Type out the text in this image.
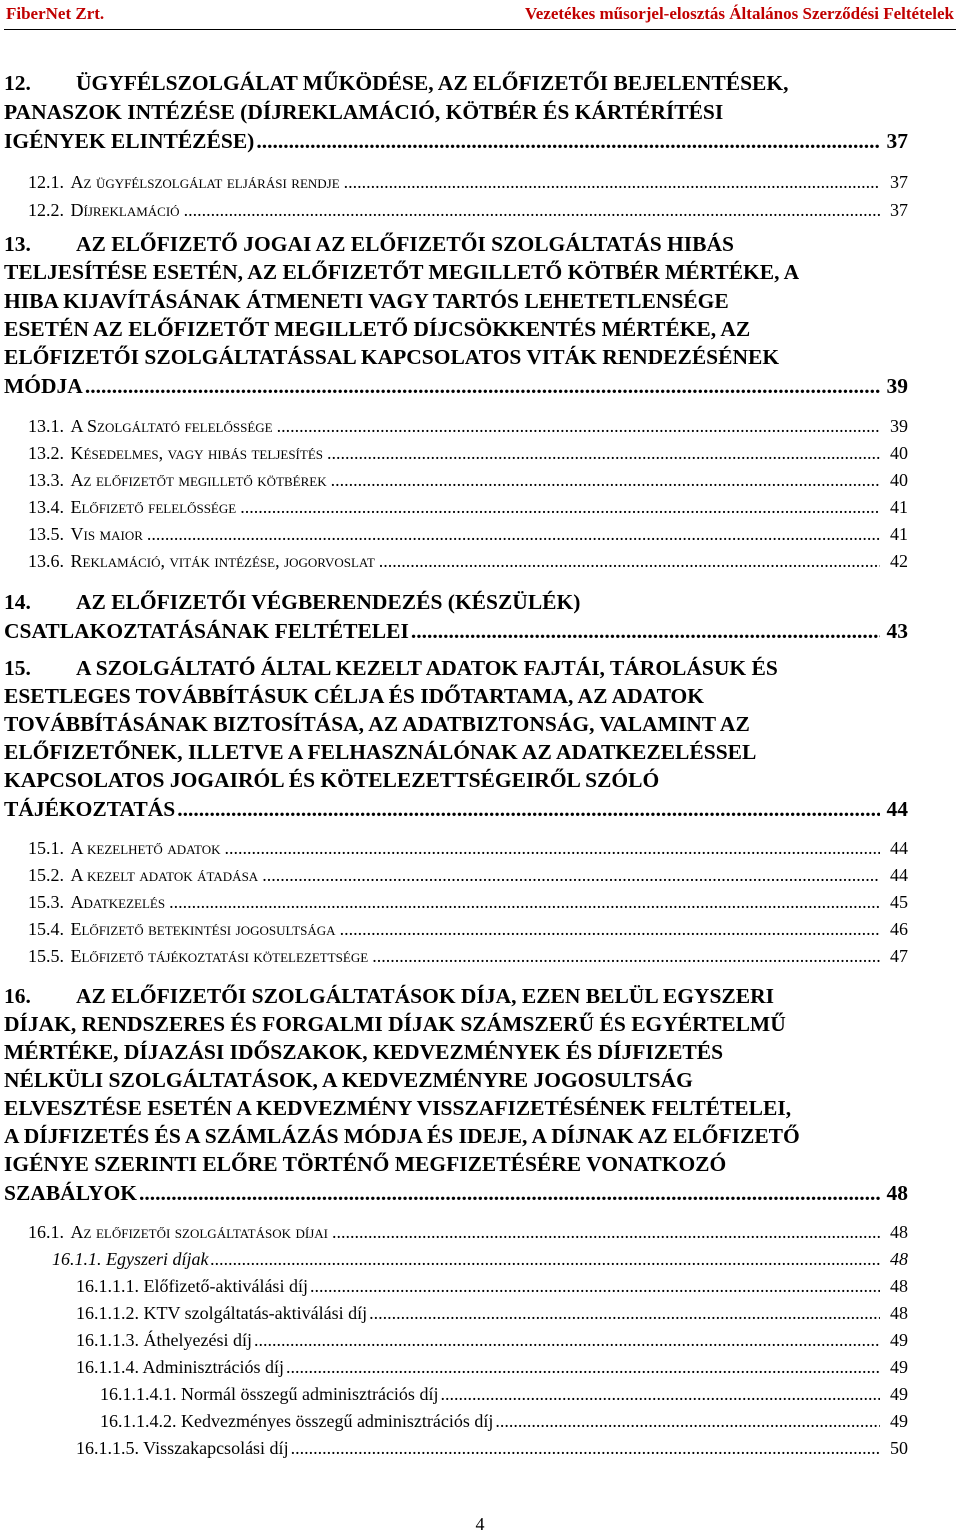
FiberNet Zrt.	Vezetékes műsorjel-elosztás Általános Szerződési Feltételek
12. ÜGYFÉLSZOLGÁLAT MŰKÖDÉSE, AZ ELŐFIZETŐI BEJELENTÉSEK,
PANASZOK INTÉZÉSE (DÍJREKLAMÁCIÓ, KÖTBÉR ÉS KÁRTÉRÍTÉSI
IGÉNYEK ELINTÉZÉSE) .....	37
12.1. Az ügyfélszolgálat eljárási rendje .....	37
12.2. Díjreklamáció .....	37
13. AZ ELŐFIZETŐ JOGAI AZ ELŐFIZETŐI SZOLGÁLTATÁS HIBÁS
TELJESÍTÉSE ESETÉN, AZ ELŐFIZETŐT MEGILLETŐ KÖTBÉR MÉRTÉKE, A
HIBA KIJAVÍTÁSÁNAK ÁTMENETI VAGY TARTÓS LEHETETLENSÉGE
ESETÉN AZ ELŐFIZETŐT MEGILLETŐ DÍJCSÖKKENTÉS MÉRTÉKE, AZ
ELŐFIZETŐI SZOLGÁLTATÁSSAL KAPCSOLATOS VITÁK RENDEZÉSÉNEK
MÓDJA .....	39
13.1. A Szolgáltató felelőssége .....	39
13.2. Késedelmes, vagy hibás teljesítés .....	40
13.3. Az előfizetőt megillető kötbérek .....	40
13.4. Előfizető felelőssége .....	41
13.5. Vis maior .....	41
13.6. Reklamáció, viták intézése, jogorvoslat .....	42
14. AZ ELŐFIZETŐI VÉGBERENDEZÉS (KÉSZÜLÉK)
CSATLAKOZTATÁSÁNAK FELTÉTELEI .....	43
15. A SZOLGÁLTATÓ ÁLTAL KEZELT ADATOK FAJTÁI, TÁROLÁSUK ÉS
ESETLEGES TOVÁBBÍTÁSUK CÉLJA ÉS IDŐTARTAMA, AZ ADATOK
TOVÁBBÍTÁSÁNAK BIZTOSÍTÁSA, AZ ADATBIZTONSÁG, VALAMINT AZ
ELŐFIZETŐNEK, ILLETVE A FELHASZNÁLÓNAK AZ ADATKEZELÉSSEL
KAPCSOLATOS JOGAIRÓL ÉS KÖTELEZETTSÉGEIRŐL SZÓLÓ
TÁJÉKOZTATÁS .....	44
15.1. A kezelhető adatok .....	44
15.2. A kezelt adatok átadása .....	44
15.3. Adatkezelés .....	45
15.4. Előfizető betekintési jogosultsága .....	46
15.5. Előfizető tájékoztatási kötelezettsége .....	47
16. AZ ELŐFIZETŐI SZOLGÁLTATÁSOK DÍJA, EZEN BELÜL EGYSZERI
DÍJAK, RENDSZERES ÉS FORGALMI DÍJAK SZÁMSZERŰ ÉS EGYÉRTELMŰ
MÉRTÉKE, DÍJAZÁSI IDŐSZAKOK, KEDVEZMÉNYEK ÉS DÍJFIZETÉS
NÉLKÜLI SZOLGÁLTATÁSOK, A KEDVEZMÉNYRE JOGOSULTSÁG
ELVESZTÉSE ESETÉN A KEDVEZMÉNY VISSZAFIZETÉSÉNEK FELTÉTELEI,
A DÍJFIZETÉS ÉS A SZÁMLÁZÁS MÓDJA ÉS IDEJE, A DÍJNAK AZ ELŐFIZETŐ
IGÉNYE SZERINTI ELŐRE TÖRTÉNŐ MEGFIZETÉSÉRE VONATKOZÓ
SZABÁLYOK .....	48
16.1. Az előfizetői szolgáltatások díjai .....	48
16.1.1. Egyszeri díjak .....	48
16.1.1.1. Előfizető-aktiválási díj .....	48
16.1.1.2. KTV szolgáltatás-aktiválási díj .....	48
16.1.1.3. Áthelyezési díj .....	49
16.1.1.4. Adminisztrációs díj .....	49
16.1.1.4.1. Normál összegű adminisztrációs díj .....	49
16.1.1.4.2. Kedvezményes összegű adminisztrációs díj .....	49
16.1.1.5. Visszakapcsolási díj .....	50
4
